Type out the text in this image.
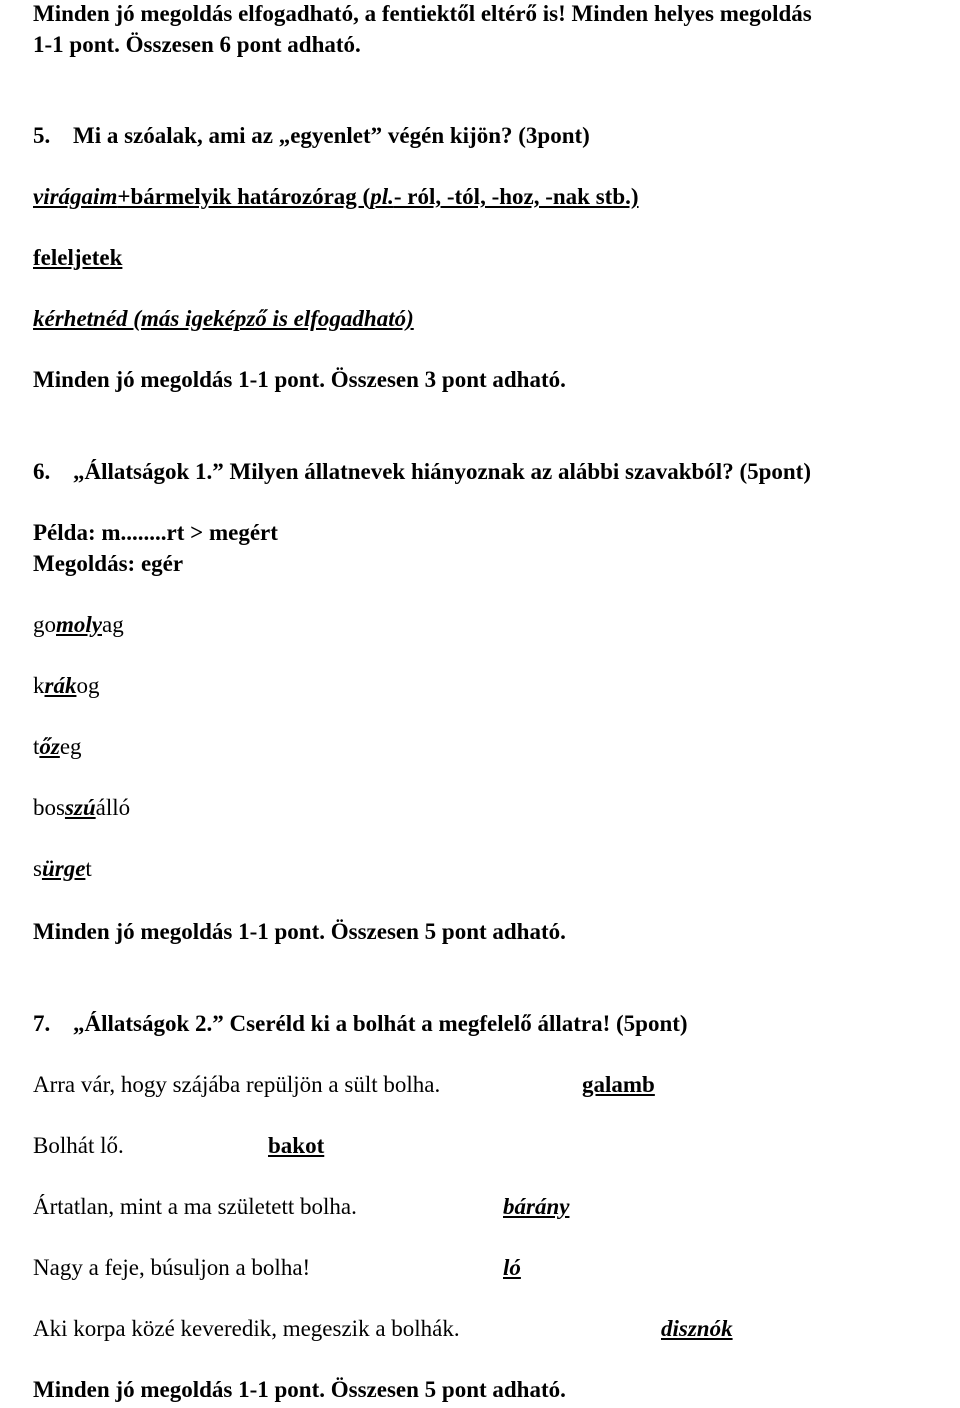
Minden jó megoldás elfogadható, a fentiektől eltérő is! Minden helyes megoldás
1-1 pont. Összesen 6 pont adható.
5. Mi a szóalak, ami az „egyenlet” végén kijön? (3pont)
virágaim+bármelyik határozórag (pl.- ról, -tól, -hoz, -nak stb.)
feleljetek
kérhetnéd (más igeképző is elfogadható)
Minden jó megoldás 1-1 pont. Összesen 3 pont adható.
6. „Állatságok 1.” Milyen állatnevek hiányoznak az alábbi szavakból? (5pont)
Példa: m........rt > megért
Megoldás: egér
gomolyag
krákog
tőzeg
bosszúálló
sürget
Minden jó megoldás 1-1 pont. Összesen 5 pont adható.
7. „Állatságok 2.” Cseréld ki a bolhát a megfelelő állatra! (5pont)
Arra vár, hogy szájába repüljön a sült bolha.	galamb
Bolhát lő.	bakot
Ártatlan, mint a ma született bolha.	bárány
Nagy a feje, búsuljon a bolha!	ló
Aki korpa közé keveredik, megeszik a bolhák.	disznók
Minden jó megoldás 1-1 pont. Összesen 5 pont adható.
